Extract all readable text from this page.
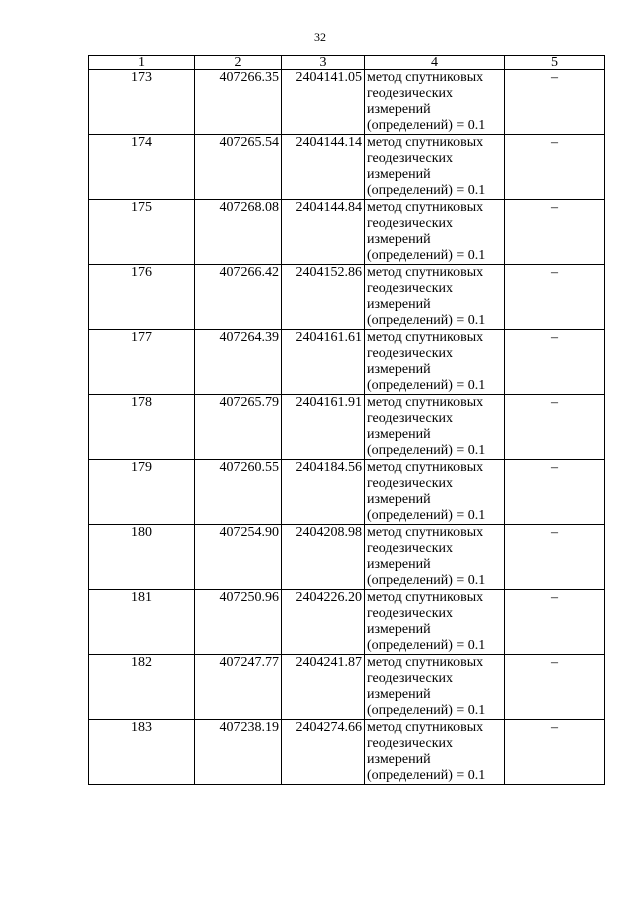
32
1	2	3	4	5
173	407266.35	2404141.05	метод спутниковых
геодезических
измерений
(определений) = 0.1	–
174	407265.54	2404144.14	метод спутниковых
геодезических
измерений
(определений) = 0.1	–
175	407268.08	2404144.84	метод спутниковых
геодезических
измерений
(определений) = 0.1	–
176	407266.42	2404152.86	метод спутниковых
геодезических
измерений
(определений) = 0.1	–
177	407264.39	2404161.61	метод спутниковых
геодезических
измерений
(определений) = 0.1	–
178	407265.79	2404161.91	метод спутниковых
геодезических
измерений
(определений) = 0.1	–
179	407260.55	2404184.56	метод спутниковых
геодезических
измерений
(определений) = 0.1	–
180	407254.90	2404208.98	метод спутниковых
геодезических
измерений
(определений) = 0.1	–
181	407250.96	2404226.20	метод спутниковых
геодезических
измерений
(определений) = 0.1	–
182	407247.77	2404241.87	метод спутниковых
геодезических
измерений
(определений) = 0.1	–
183	407238.19	2404274.66	метод спутниковых
геодезических
измерений
(определений) = 0.1	–
